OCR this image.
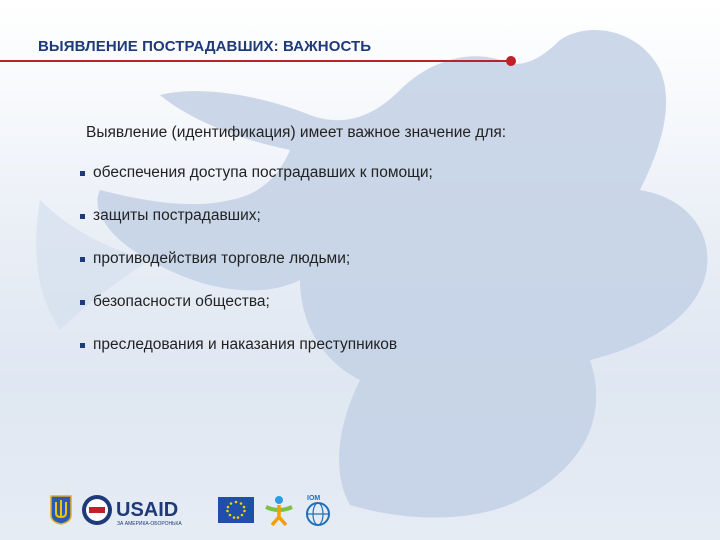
ВЫЯВЛЕНИЕ ПОСТРАДАВШИХ: ВАЖНОСТЬ
Выявление (идентификация) имеет важное значение для:
обеспечения доступа пострадавших к помощи;
защиты пострадавших;
противодействия торговле людьми;
безопасности общества;
преследования и наказания преступников
USAID
ЗА АМЕРИКА-ОБОРОНЬКА
IOM
